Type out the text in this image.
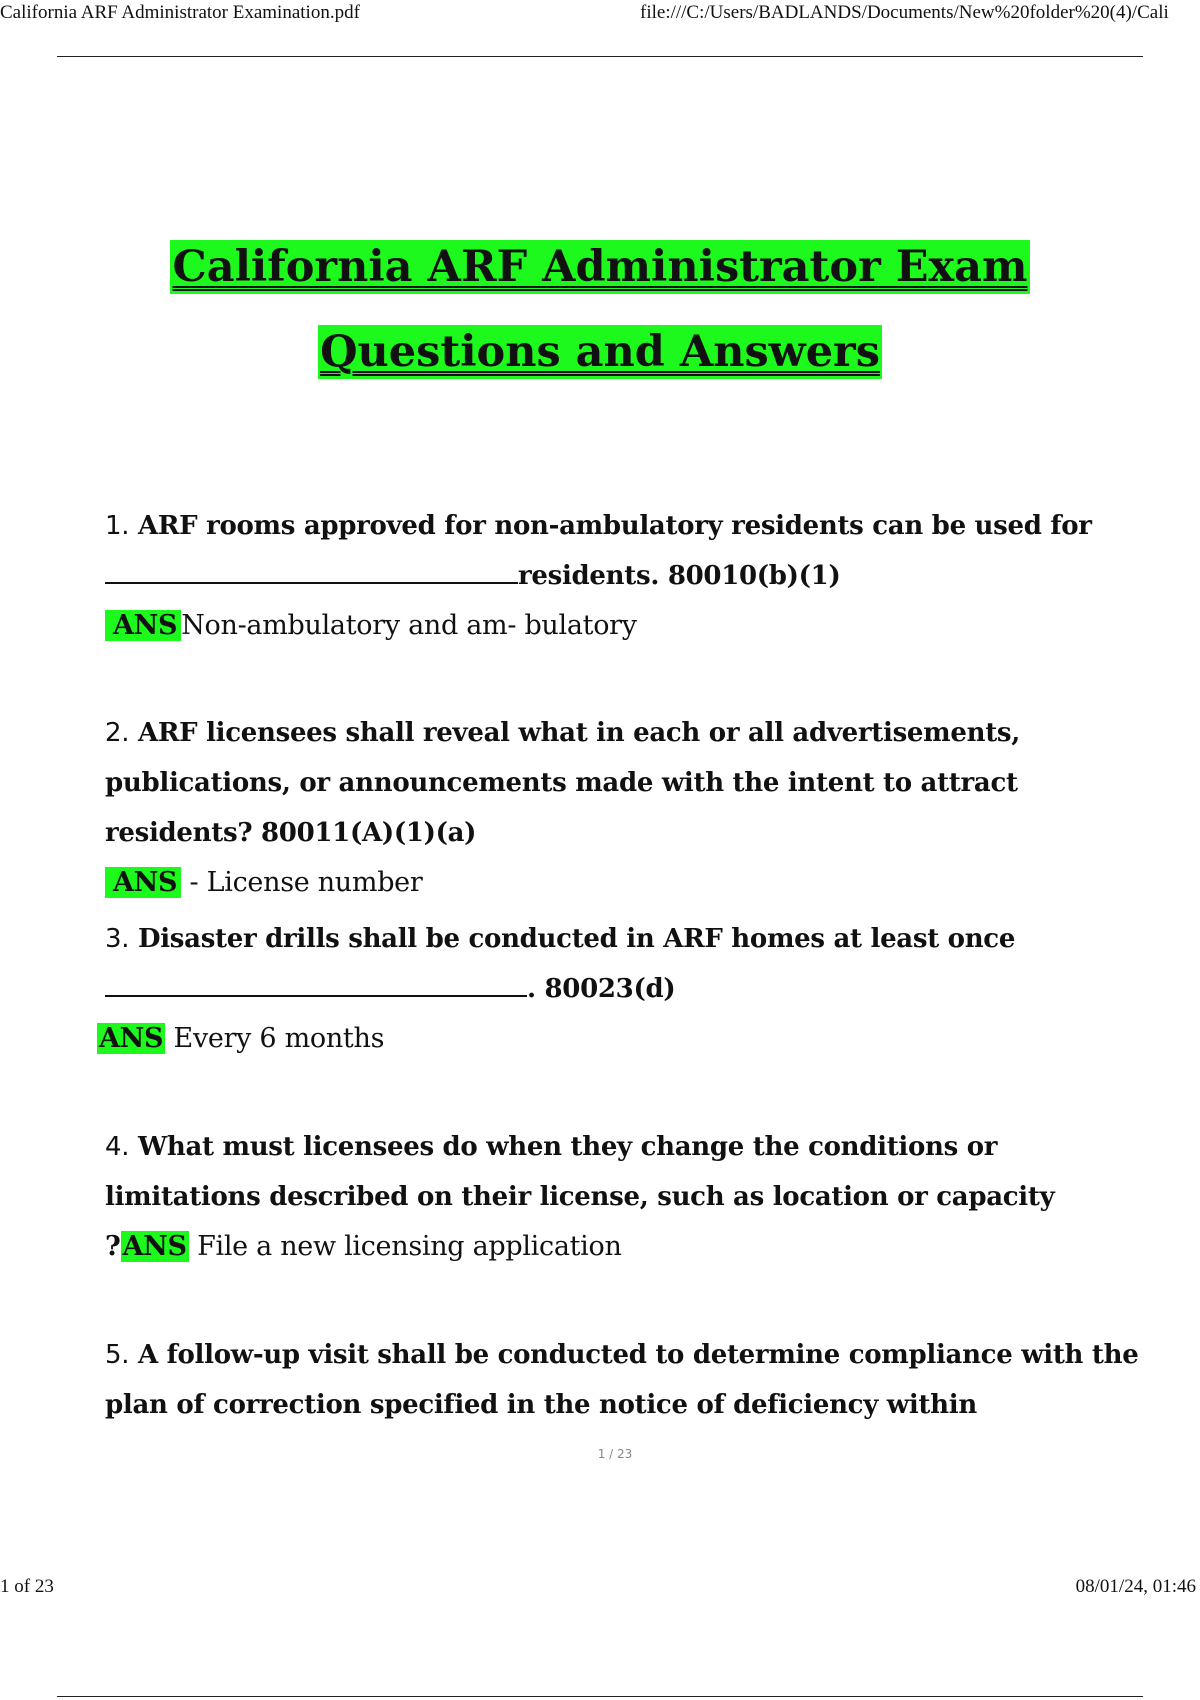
California ARF Administrator Examination.pdf	file:///C:/Users/BADLANDS/Documents/New%20folder%20(4)/Cali
California ARF Administrator Exam
Questions and Answers
1. ARF rooms approved for non-ambulatory residents can be used for
residents. 80010(b)(1)
ANS Non-ambulatory and am- bulatory
2. ARF licensees shall reveal what in each or all advertisements, publications, or announcements made with the intent to attract residents? 80011(A)(1)(a)
ANS - License number
3. Disaster drills shall be conducted in ARF homes at least once
. 80023(d)
ANS Every 6 months
4. What must licensees do when they change the conditions or limitations described on their license, such as location or capacity
?ANS File a new licensing application
5. A follow-up visit shall be conducted to determine compliance with the plan of correction specified in the notice of deficiency within
1 / 23
1 of 23	08/01/24, 01:46
